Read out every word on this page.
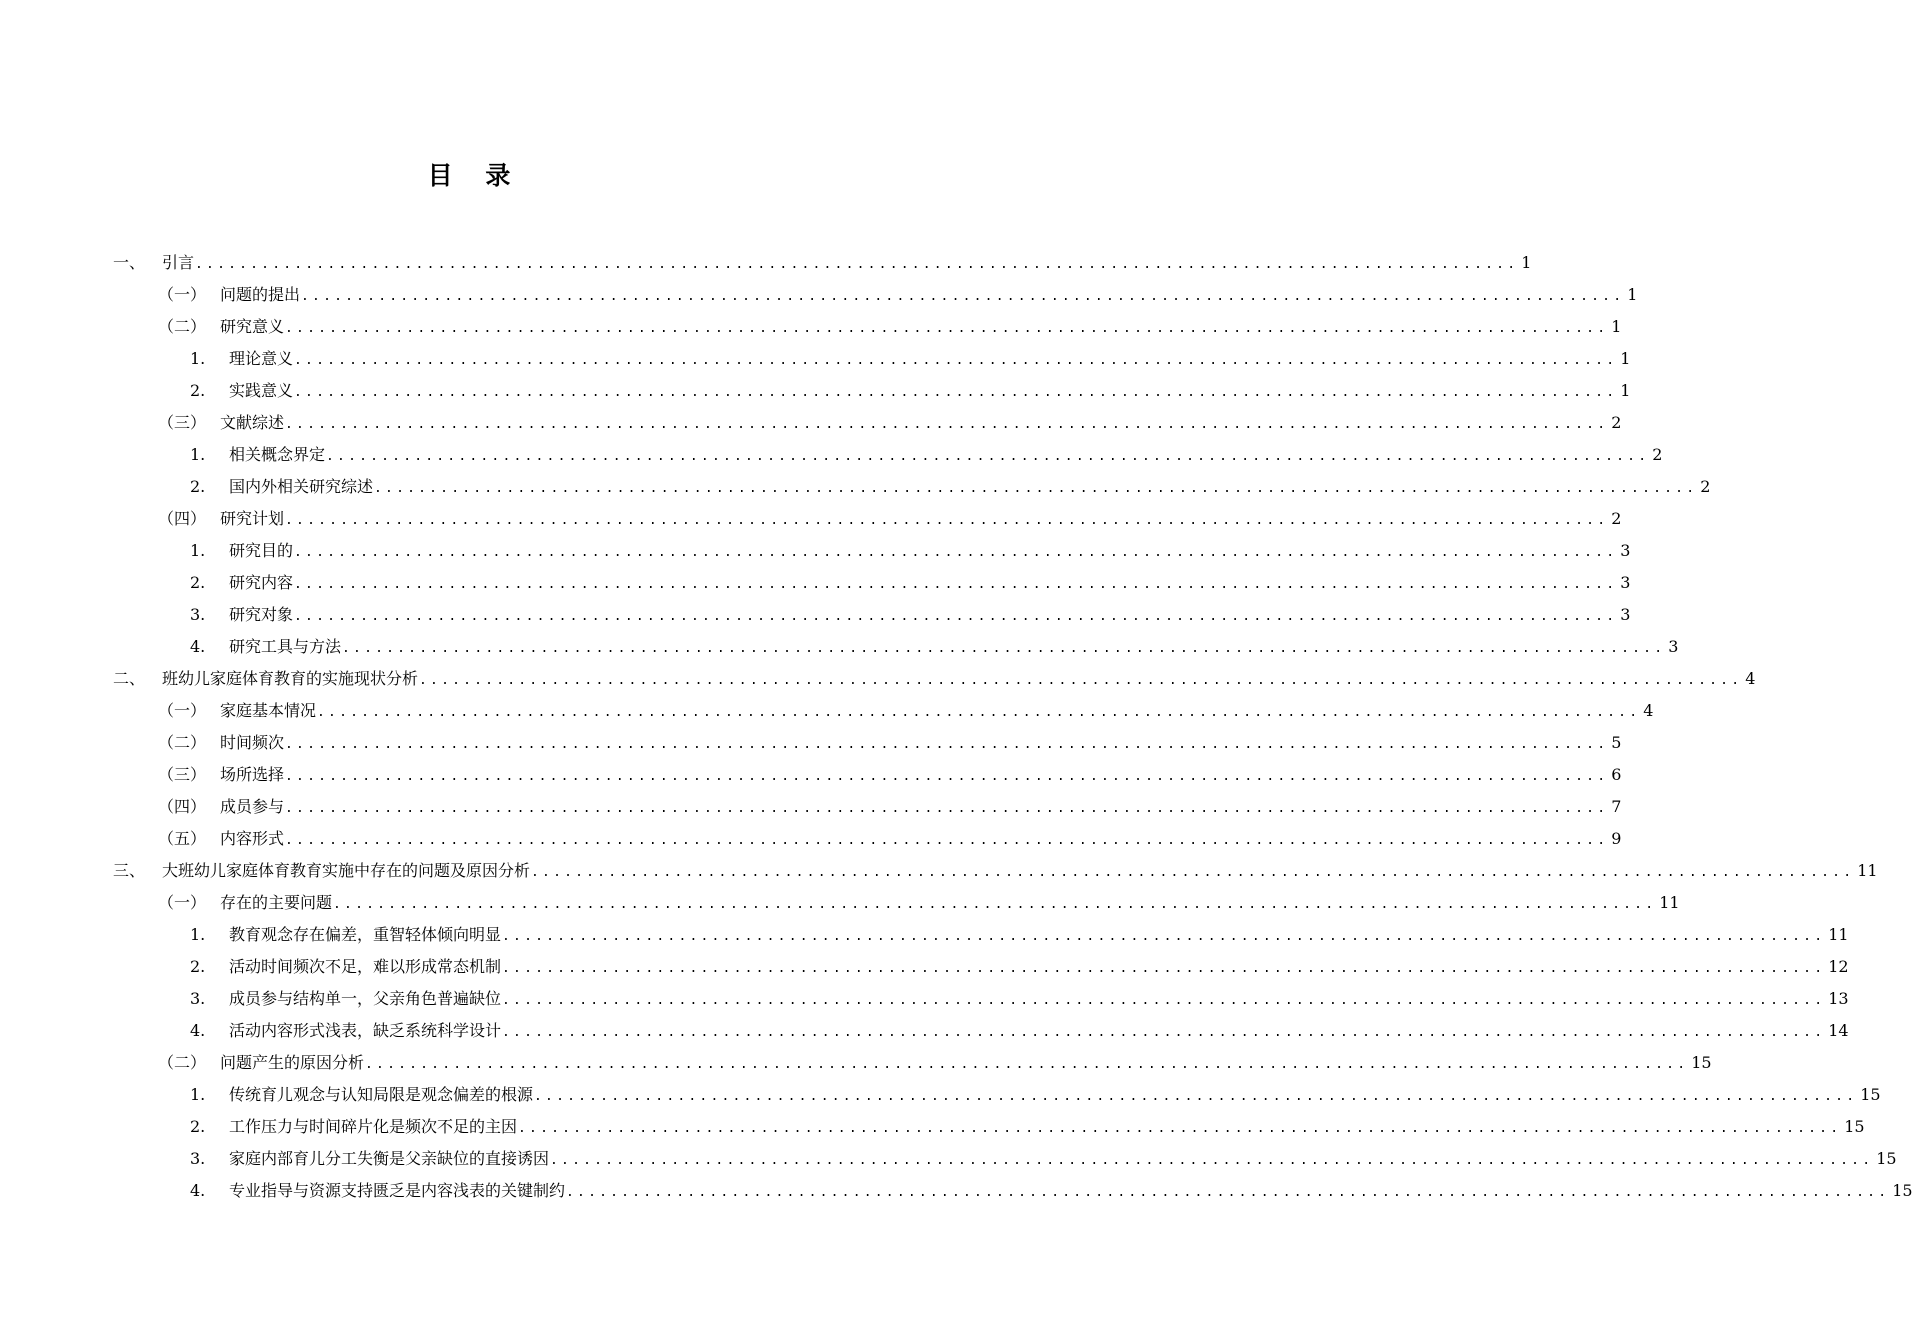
目 录
一、 引言 ........................................................................................................................ 1
（一） 问题的提出 ........................................................................................................................ 1
（二） 研究意义 ........................................................................................................................ 1
1. 理论意义 ........................................................................................................................ 1
2. 实践意义 ........................................................................................................................ 1
（三） 文献综述 ........................................................................................................................ 2
1. 相关概念界定 ........................................................................................................................ 2
2. 国内外相关研究综述 ........................................................................................................................ 2
（四） 研究计划 ........................................................................................................................ 2
1. 研究目的 ........................................................................................................................ 3
2. 研究内容 ........................................................................................................................ 3
3. 研究对象 ........................................................................................................................ 3
4. 研究工具与方法 ........................................................................................................................ 3
二、 班幼儿家庭体育教育的实施现状分析 ........................................................................................................................ 4
（一） 家庭基本情况 ........................................................................................................................ 4
（二） 时间频次 ........................................................................................................................ 5
（三） 场所选择 ........................................................................................................................ 6
（四） 成员参与 ........................................................................................................................ 7
（五） 内容形式 ........................................................................................................................ 9
三、 大班幼儿家庭体育教育实施中存在的问题及原因分析 ........................................................................................................................ 11
（一） 存在的主要问题 ........................................................................................................................ 11
1. 教育观念存在偏差，重智轻体倾向明显 ........................................................................................................................ 11
2. 活动时间频次不足，难以形成常态机制 ........................................................................................................................ 12
3. 成员参与结构单一，父亲角色普遍缺位 ........................................................................................................................ 13
4. 活动内容形式浅表，缺乏系统科学设计 ........................................................................................................................ 14
（二） 问题产生的原因分析 ........................................................................................................................ 15
1. 传统育儿观念与认知局限是观念偏差的根源 ........................................................................................................................ 15
2. 工作压力与时间碎片化是频次不足的主因 ........................................................................................................................ 15
3. 家庭内部育儿分工失衡是父亲缺位的直接诱因 ........................................................................................................................ 15
4. 专业指导与资源支持匮乏是内容浅表的关键制约 ........................................................................................................................ 15
